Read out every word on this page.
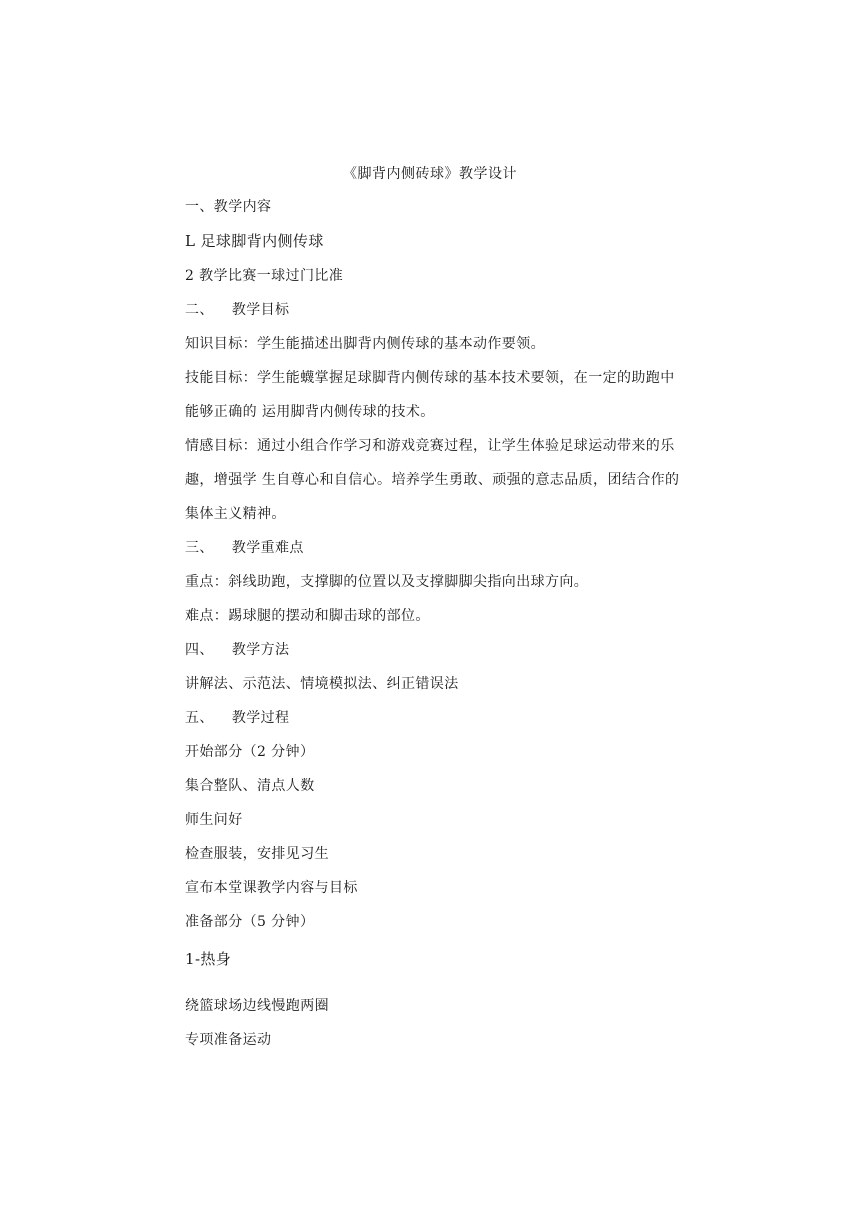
《脚背内侧砖球》教学设计
一、教学内容
L 足球脚背内侧传球
2 教学比赛一球过门比准
二、 教学目标
知识目标：学生能描述出脚背内侧传球的基本动作要领。
技能目标：学生能蠛掌握足球脚背内侧传球的基本技术要领，在一定的助跑中
能够正确的 运用脚背内侧传球的技术。
情感目标：通过小组合作学习和游戏竞赛过程，让学生体验足球运动带来的乐
趣，增强学 生自尊心和自信心。培养学生勇敢、顽强的意志品质，团结合作的
集体主义精神。
三、 教学重难点
重点：斜线助跑，支撑脚的位置以及支撑脚脚尖指向出球方向。
难点：踢球腿的摆动和脚击球的部位。
四、 教学方法
讲解法、示范法、情境模拟法、纠正错误法
五、 教学过程
开始部分（2 分钟）
集合整队、清点人数
师生问好
检查服装，安排见习生
宣布本堂课教学内容与目标
准备部分（5 分钟）
1-热身
绕篮球场边线慢跑两圈
专项准备运动
